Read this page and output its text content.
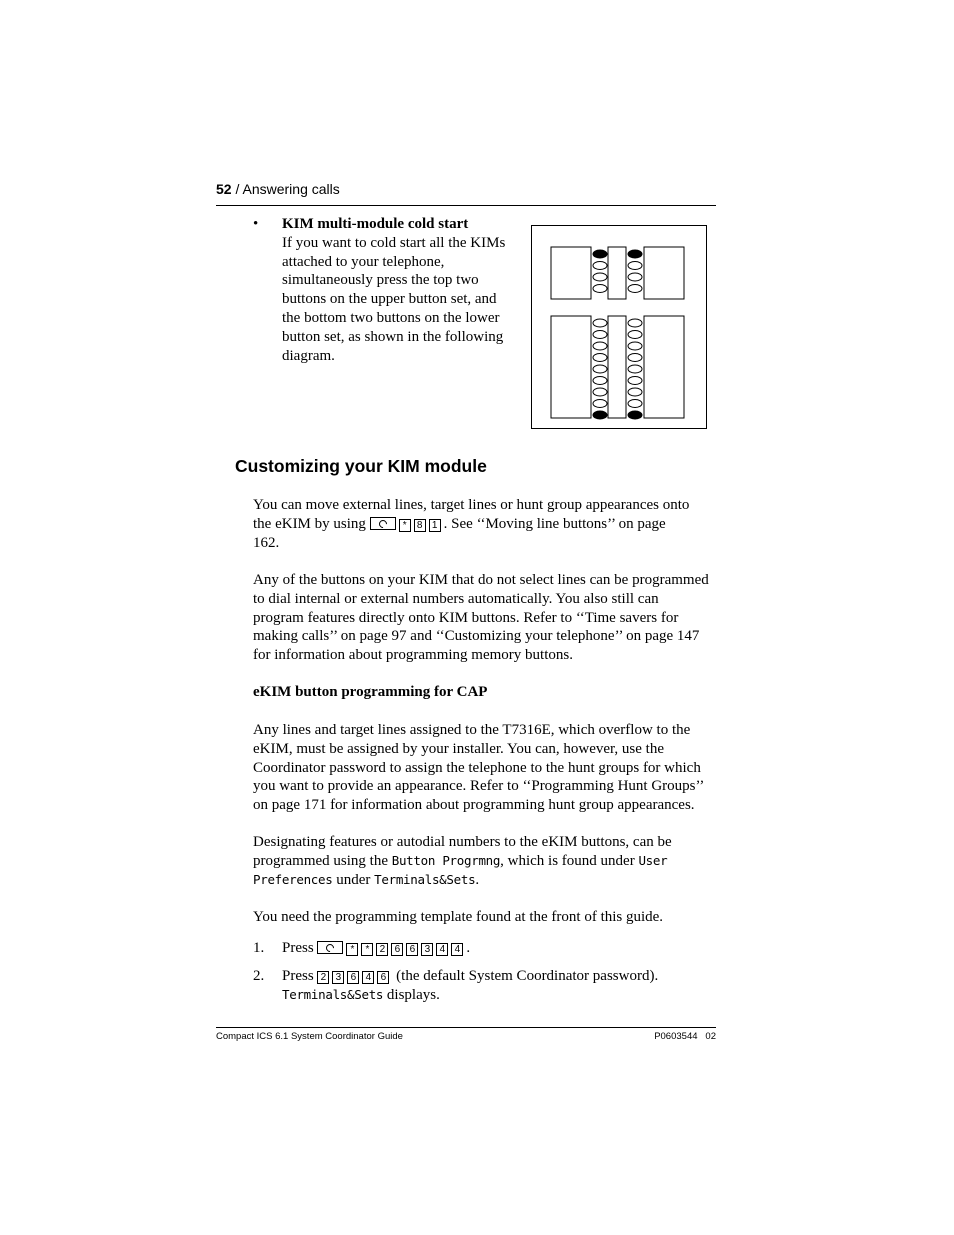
52 / Answering calls
• KIM multi-module cold start

If you want to cold start all the KIMs

attached to your telephone,

simultaneously press the top two

buttons on the upper button set, and

the bottom two buttons on the lower

button set, as shown in the following

diagram.

Customizing your KIM module

You can move external lines, target lines or hunt group appearances onto

the eKIM by using	* 8 1 . See ‘‘Moving line buttons’’ on page

162.

Any of the buttons on your KIM that do not select lines can be programmed

to dial internal or external numbers automatically. You also still can

program features directly onto KIM buttons. Refer to ‘‘Time savers for

making calls’’ on page 97 and ‘‘Customizing your telephone’’ on page 147

for information about programming memory buttons.

eKIM button programming for CAP

Any lines and target lines assigned to the T7316E, which overflow to the

eKIM, must be assigned by your installer. You can, however, use the

Coordinator password to assign the telephone to the hunt groups for which

you want to provide an appearance. Refer to ‘‘Programming Hunt Groups’’

on page 171 for information about programming hunt group appearances.

Designating features or autodial numbers to the eKIM buttons, can be

programmed using the Button Progrmng, which is found under User

Preferences under Terminals&Sets.

You need the programming template found at the front of this guide.
1. Press	* * 2 6 6 3 4 4 .
2. Press 2 3 6 4 6 (the default System Coordinator password).

Terminals&Sets displays.

Compact ICS 6.1 System Coordinator Guide	P0603544   02
